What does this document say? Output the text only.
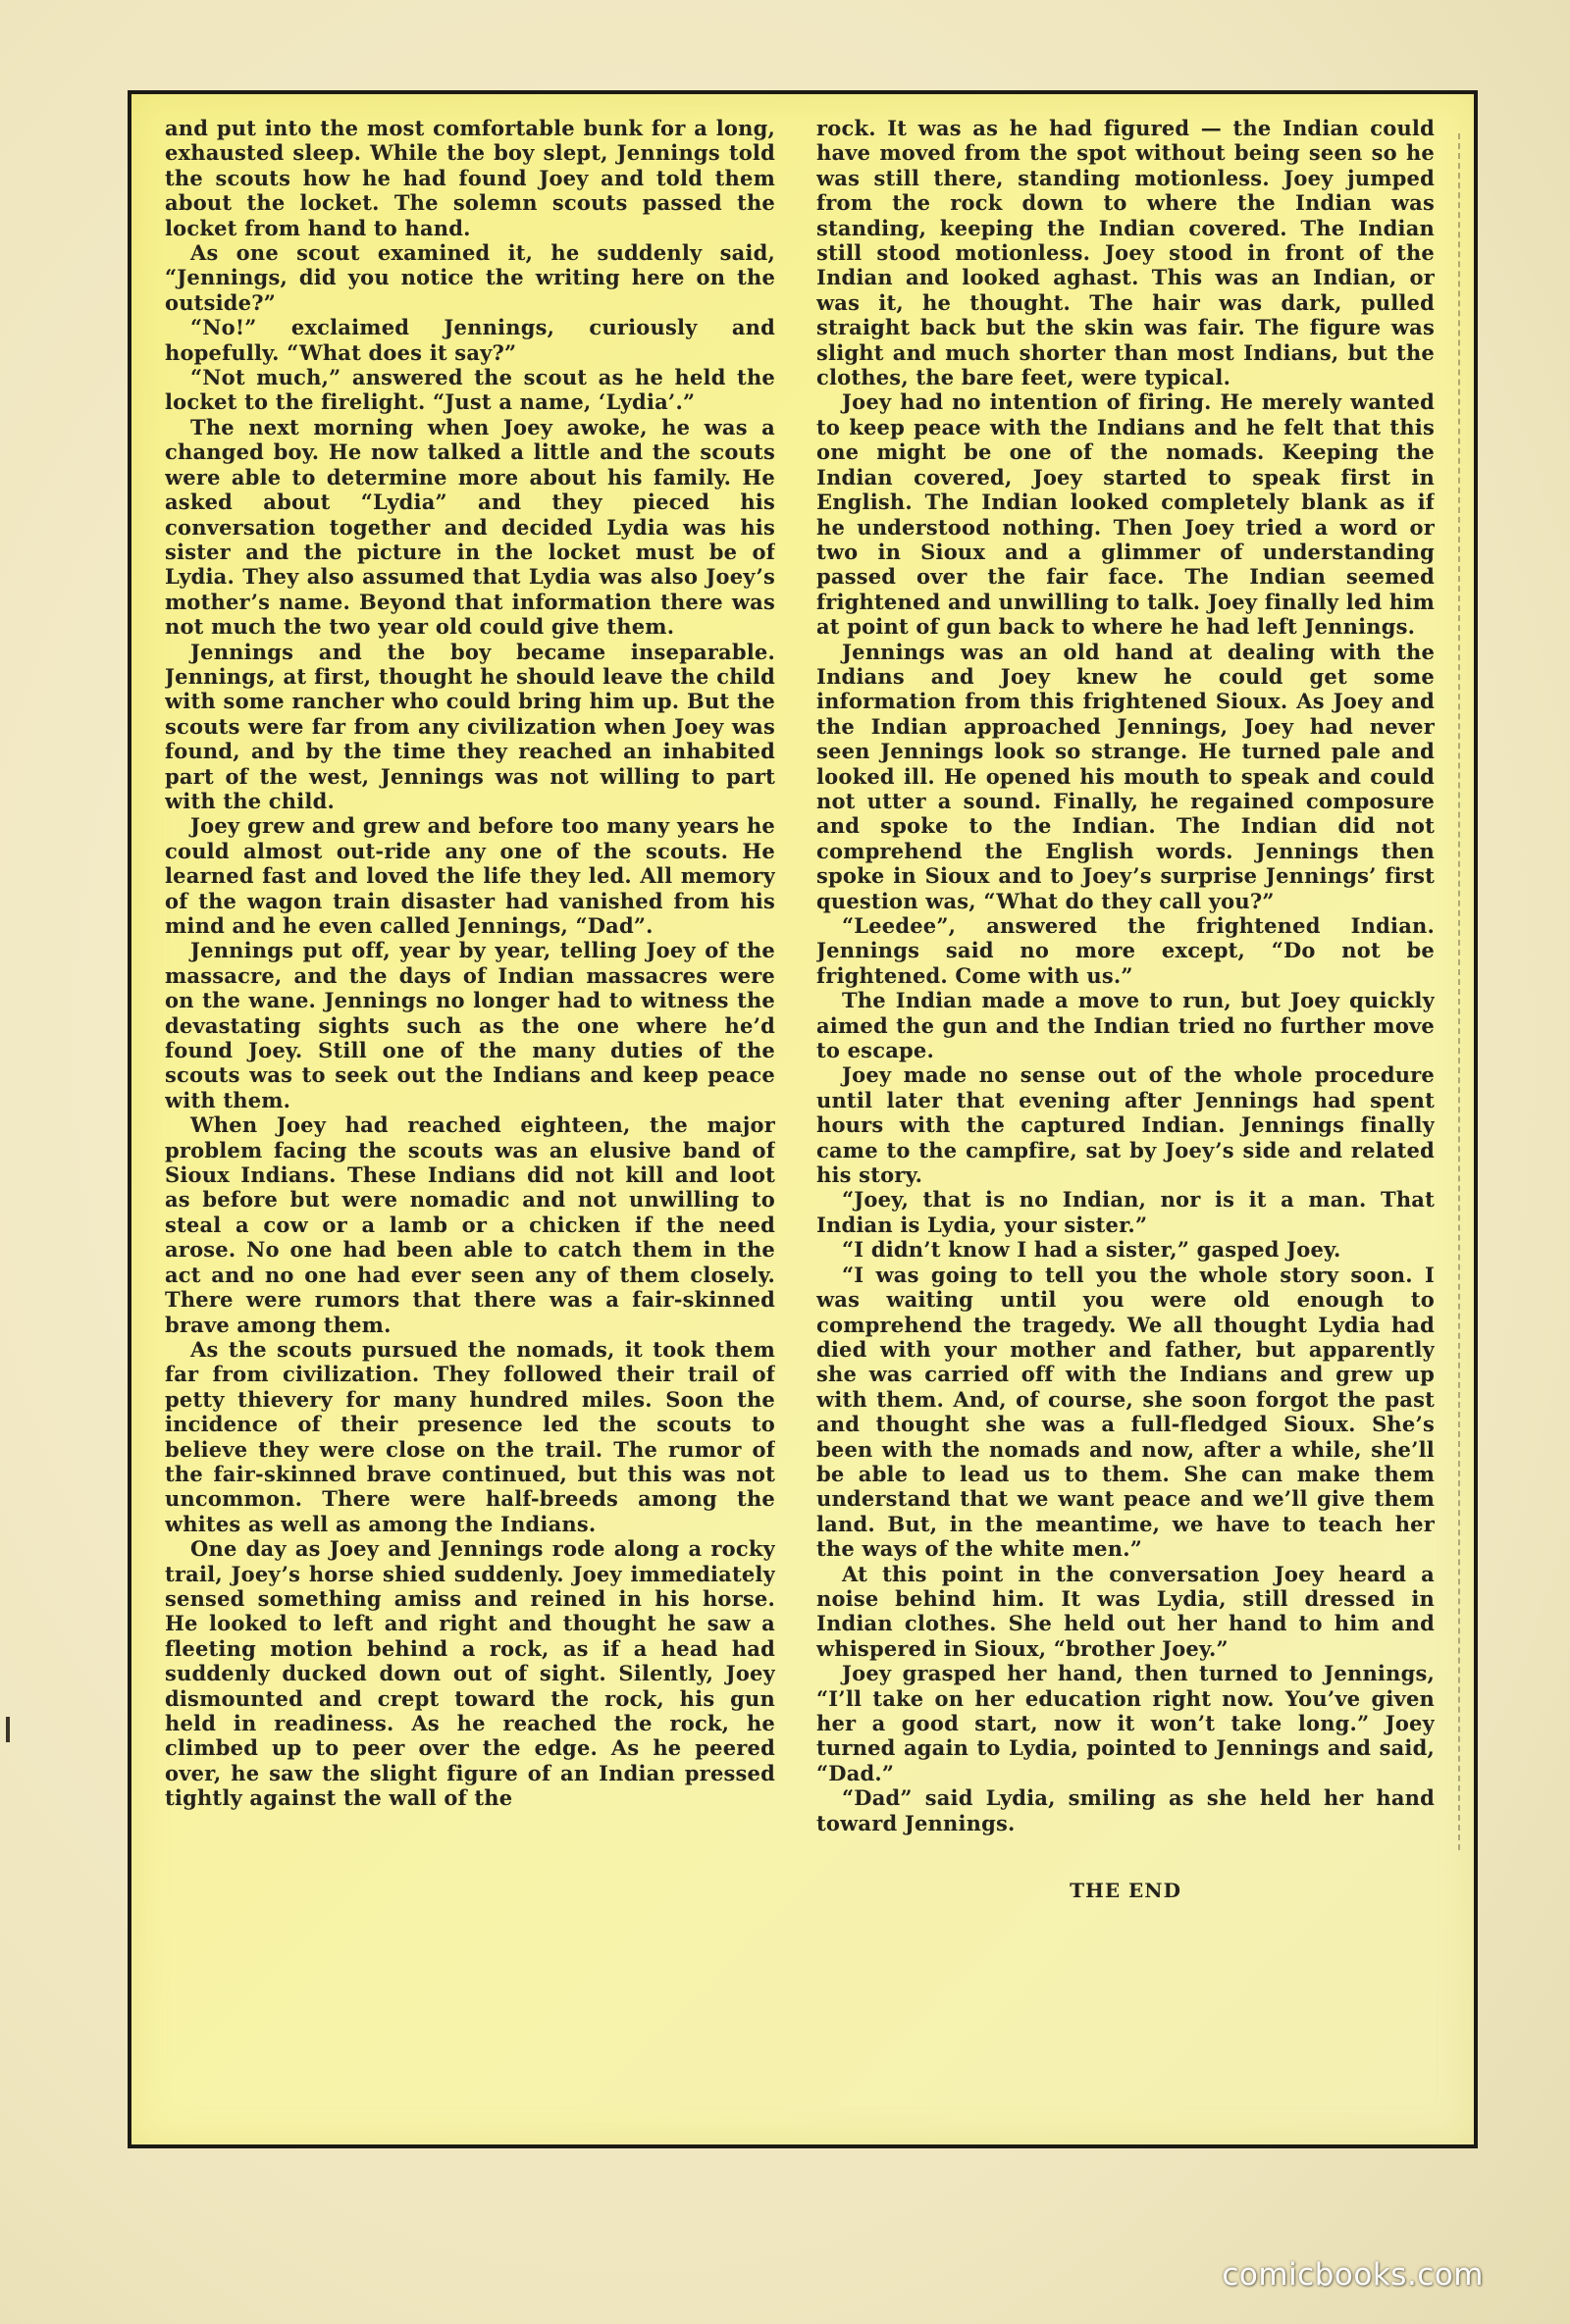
and put into the most comfortable bunk for a long, exhausted sleep. While the boy slept, Jennings told the scouts how he had found Joey and told them about the locket. The solemn scouts passed the locket from hand to hand.

As one scout examined it, he suddenly said, “Jennings, did you notice the writing here on the outside?”

“No!” exclaimed Jennings, curiously and hopefully. “What does it say?”

“Not much,” answered the scout as he held the locket to the firelight. “Just a name, ‘Lydia’.”

The next morning when Joey awoke, he was a changed boy. He now talked a little and the scouts were able to determine more about his family. He asked about “Lydia” and they pieced his conversation together and decided Lydia was his sister and the picture in the locket must be of Lydia. They also assumed that Lydia was also Joey’s mother’s name. Beyond that information there was not much the two year old could give them.

Jennings and the boy became inseparable. Jennings, at first, thought he should leave the child with some rancher who could bring him up. But the scouts were far from any civilization when Joey was found, and by the time they reached an inhabited part of the west, Jennings was not willing to part with the child.

Joey grew and grew and before too many years he could almost out-ride any one of the scouts. He learned fast and loved the life they led. All memory of the wagon train disaster had vanished from his mind and he even called Jennings, “Dad”.

Jennings put off, year by year, telling Joey of the massacre, and the days of Indian massacres were on the wane. Jennings no longer had to witness the devastating sights such as the one where he’d found Joey. Still one of the many duties of the scouts was to seek out the Indians and keep peace with them.

When Joey had reached eighteen, the major problem facing the scouts was an elusive band of Sioux Indians. These Indians did not kill and loot as before but were nomadic and not unwilling to steal a cow or a lamb or a chicken if the need arose. No one had been able to catch them in the act and no one had ever seen any of them closely. There were rumors that there was a fair-skinned brave among them.

As the scouts pursued the nomads, it took them far from civilization. They followed their trail of petty thievery for many hundred miles. Soon the incidence of their presence led the scouts to believe they were close on the trail. The rumor of the fair-skinned brave continued, but this was not uncommon. There were half-breeds among the whites as well as among the Indians.

One day as Joey and Jennings rode along a rocky trail, Joey’s horse shied suddenly. Joey immediately sensed something amiss and reined in his horse. He looked to left and right and thought he saw a fleeting motion behind a rock, as if a head had suddenly ducked down out of sight. Silently, Joey dismounted and crept toward the rock, his gun held in readiness. As he reached the rock, he climbed up to peer over the edge. As he peered over, he saw the slight figure of an Indian pressed tightly against the wall of the

rock. It was as he had figured — the Indian could have moved from the spot without being seen so he was still there, standing motionless. Joey jumped from the rock down to where the Indian was standing, keeping the Indian covered. The Indian still stood motionless. Joey stood in front of the Indian and looked aghast. This was an Indian, or was it, he thought. The hair was dark, pulled straight back but the skin was fair. The figure was slight and much shorter than most Indians, but the clothes, the bare feet, were typical.

Joey had no intention of firing. He merely wanted to keep peace with the Indians and he felt that this one might be one of the nomads. Keeping the Indian covered, Joey started to speak first in English. The Indian looked completely blank as if he understood nothing. Then Joey tried a word or two in Sioux and a glimmer of understanding passed over the fair face. The Indian seemed frightened and unwilling to talk. Joey finally led him at point of gun back to where he had left Jennings.

Jennings was an old hand at dealing with the Indians and Joey knew he could get some information from this frightened Sioux. As Joey and the Indian approached Jennings, Joey had never seen Jennings look so strange. He turned pale and looked ill. He opened his mouth to speak and could not utter a sound. Finally, he regained composure and spoke to the Indian. The Indian did not comprehend the English words. Jennings then spoke in Sioux and to Joey’s surprise Jennings’ first question was, “What do they call you?”

“Leedee”, answered the frightened Indian. Jennings said no more except, “Do not be frightened. Come with us.”

The Indian made a move to run, but Joey quickly aimed the gun and the Indian tried no further move to escape.

Joey made no sense out of the whole procedure until later that evening after Jennings had spent hours with the captured Indian. Jennings finally came to the campfire, sat by Joey’s side and related his story.

“Joey, that is no Indian, nor is it a man. That Indian is Lydia, your sister.”

“I didn’t know I had a sister,” gasped Joey.

“I was going to tell you the whole story soon. I was waiting until you were old enough to comprehend the tragedy. We all thought Lydia had died with your mother and father, but apparently she was carried off with the Indians and grew up with them. And, of course, she soon forgot the past and thought she was a full-fledged Sioux. She’s been with the nomads and now, after a while, she’ll be able to lead us to them. She can make them understand that we want peace and we’ll give them land. But, in the meantime, we have to teach her the ways of the white men.”

At this point in the conversation Joey heard a noise behind him. It was Lydia, still dressed in Indian clothes. She held out her hand to him and whispered in Sioux, “brother Joey.”

Joey grasped her hand, then turned to Jennings, “I’ll take on her education right now. You’ve given her a good start, now it won’t take long.” Joey turned again to Lydia, pointed to Jennings and said, “Dad.”

“Dad” said Lydia, smiling as she held her hand toward Jennings.

THE END

comicbooks.com
